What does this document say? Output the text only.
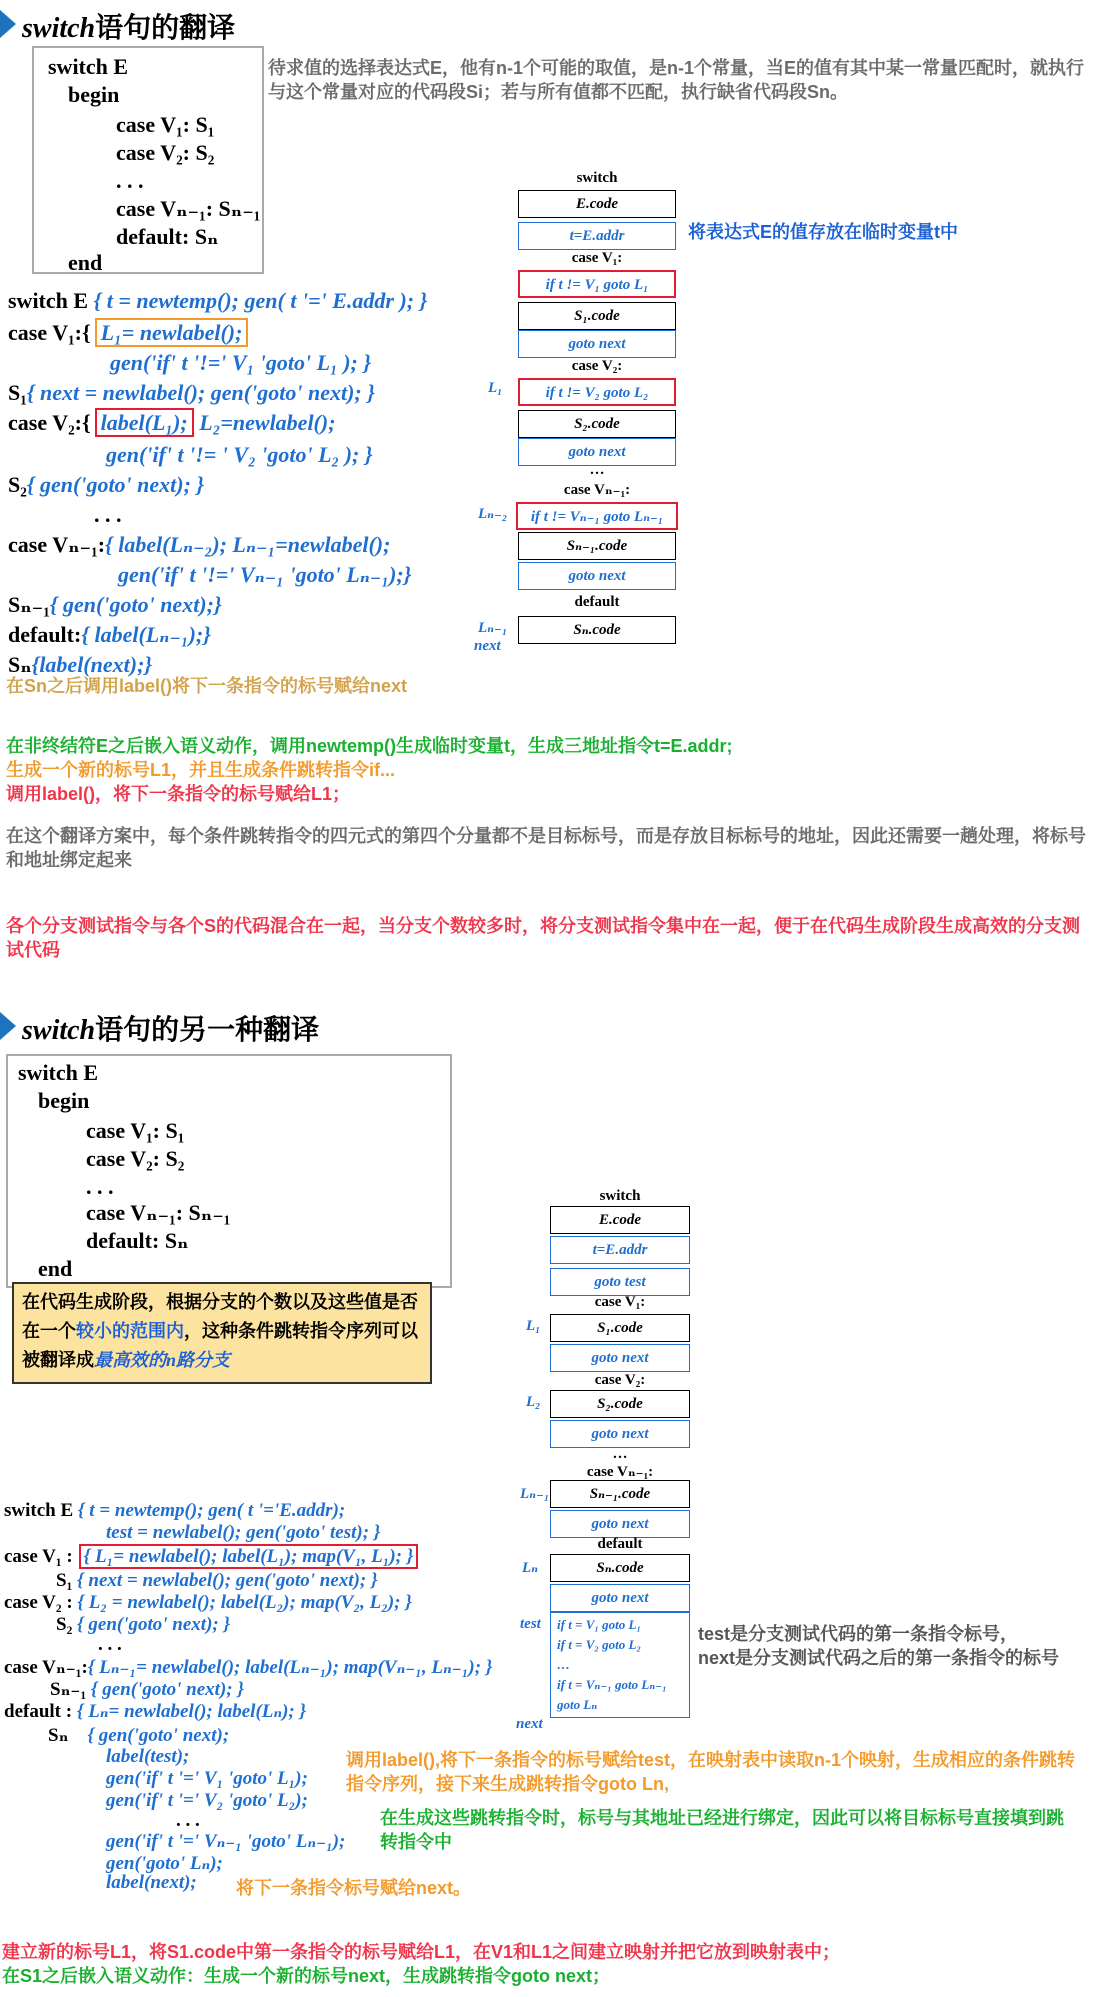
switch语句的翻译
switch E
begin
case V₁: S₁
case V₂: S₂
. . .
case Vₙ₋₁: Sₙ₋₁
default: Sₙ
end
待求值的选择表达式E，他有n-1个可能的取值，是n-1个常量，当E的值有其中某一常量匹配时，就执行与这个常量对应的代码段Si；若与所有值都不匹配，执行缺省代码段Sn。
switch E { t = newtemp(); gen( t '=' E.addr ); }
case V₁:{ L₁= newlabel();
gen('if' t '!=' V₁ 'goto' L₁ ); }
S₁{ next = newlabel(); gen('goto' next); }
case V₂:{ label(L₁); L₂=newlabel();
gen('if' t '!= ' V₂ 'goto' L₂ ); }
S₂{ gen('goto' next); }
. . .
case Vₙ₋₁:{ label(Lₙ₋₂); Lₙ₋₁=newlabel();
gen('if' t '!=' Vₙ₋₁ 'goto' Lₙ₋₁);}
Sₙ₋₁{ gen('goto' next);}
default:{ label(Lₙ₋₁);}
Sₙ{label(next);}
switch
E.code
t=E.addr
case V₁:
if t != V₁ goto L₁
S₁.code
goto next
case V₂:
if t != V₂ goto L₂
S₂.code
goto next
…
case Vₙ₋₁:
if t != Vₙ₋₁ goto Lₙ₋₁
Sₙ₋₁.code
goto next
default
Sₙ.code
L₁
Lₙ₋₂
Lₙ₋₁
next
将表达式E的值存放在临时变量t中
在Sn之后调用label()将下一条指令的标号赋给next
在非终结符E之后嵌入语义动作，调用newtemp()生成临时变量t，生成三地址指令t=E.addr;
生成一个新的标号L1，并且生成条件跳转指令if...
调用label()，将下一条指令的标号赋给L1；
在这个翻译方案中，每个条件跳转指令的四元式的第四个分量都不是目标标号，而是存放目标标号的地址，因此还需要一趟处理，将标号和地址绑定起来
各个分支测试指令与各个S的代码混合在一起，当分支个数较多时，将分支测试指令集中在一起，便于在代码生成阶段生成高效的分支测试代码
switch语句的另一种翻译
switch E
begin
case V₁: S₁
case V₂: S₂
. . .
case Vₙ₋₁: Sₙ₋₁
default: Sₙ
end
在代码生成阶段，根据分支的个数以及这些值是否在一个较小的范围内，这种条件跳转指令序列可以被翻译成最高效的n路分支
switch
E.code
t=E.addr
goto test
case V₁:
S₁.code
goto next
case V₂:
S₂.code
goto next
…
case Vₙ₋₁:
Sₙ₋₁.code
goto next
default
Sₙ.code
goto next
if t = V₁ goto L₁
if t = V₂ goto L₂
…
if t = Vₙ₋₁ goto Lₙ₋₁
goto Lₙ
L₁
L₂
Lₙ₋₁
Lₙ
test
next
test是分支测试代码的第一条指令标号，
next是分支测试代码之后的第一条指令的标号
switch E { t = newtemp(); gen( t '='E.addr);
test = newlabel(); gen('goto' test); }
case V₁ : { L₁= newlabel(); label(L₁); map(V₁, L₁); }
S₁ { next = newlabel(); gen('goto' next); }
case V₂ : { L₂ = newlabel(); label(L₂); map(V₂, L₂); }
S₂ { gen('goto' next); }
. . .
case Vₙ₋₁:{ Lₙ₋₁= newlabel(); label(Lₙ₋₁); map(Vₙ₋₁, Lₙ₋₁); }
Sₙ₋₁ { gen('goto' next); }
default : { Lₙ= newlabel(); label(Lₙ); }
Sₙ { gen('goto' next);
label(test);
gen('if' t '=' V₁ 'goto' L₁);
gen('if' t '=' V₂ 'goto' L₂);
. . .
gen('if' t '=' Vₙ₋₁ 'goto' Lₙ₋₁);
gen('goto' Lₙ);
label(next);
调用label(),将下一条指令的标号赋给test，在映射表中读取n-1个映射，生成相应的条件跳转指令序列，接下来生成跳转指令goto Ln,
在生成这些跳转指令时，标号与其地址已经进行绑定，因此可以将目标标号直接填到跳转指令中
将下一条指令标号赋给next。
建立新的标号L1，将S1.code中第一条指令的标号赋给L1，在V1和L1之间建立映射并把它放到映射表中；
在S1之后嵌入语义动作：生成一个新的标号next，生成跳转指令goto next；
